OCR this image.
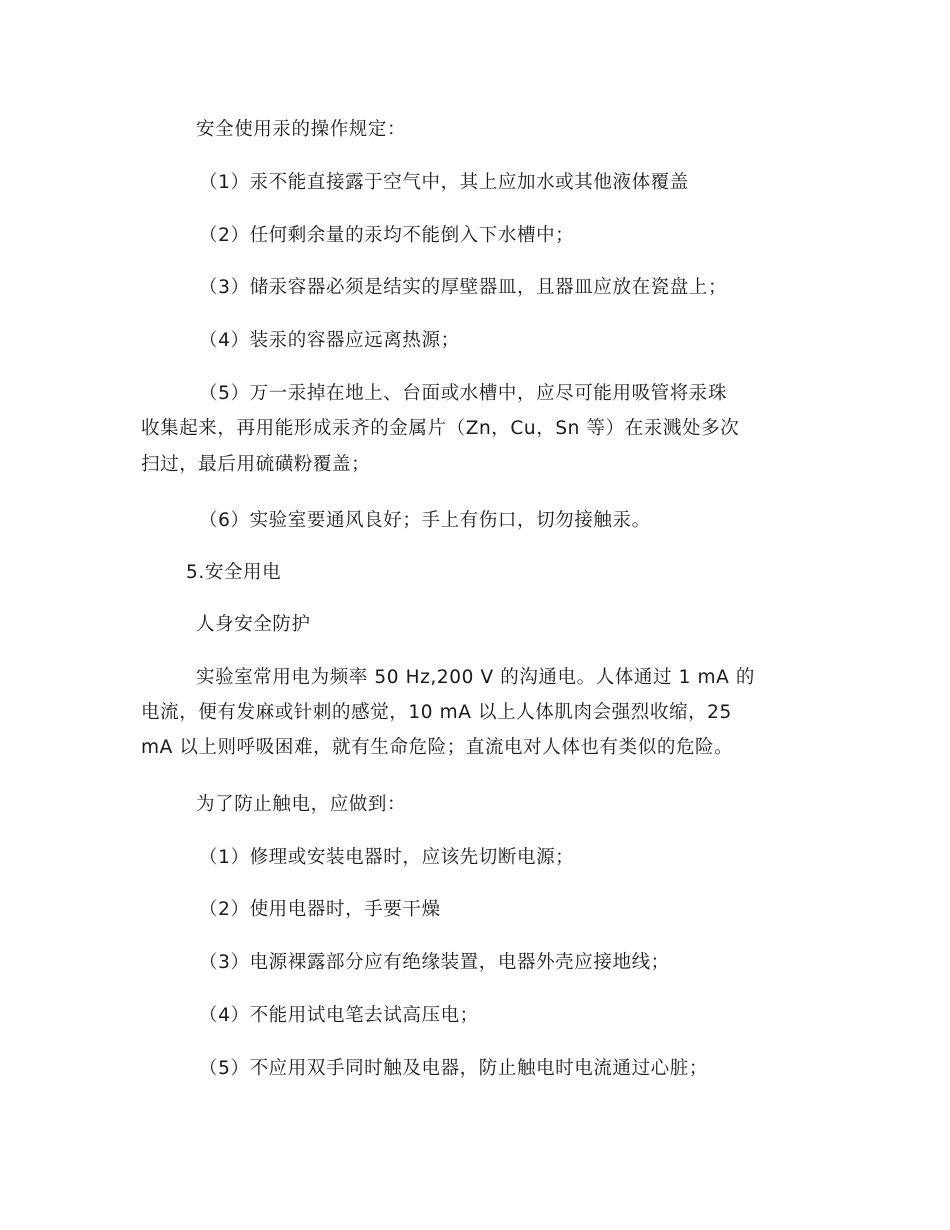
安全使用汞的操作规定：

（1）汞不能直接露于空气中，其上应加水或其他液体覆盖

（2）任何剩余量的汞均不能倒入下水槽中；

（3）储汞容器必须是结实的厚壁器皿，且器皿应放在瓷盘上；

（4）装汞的容器应远离热源；

（5）万一汞掉在地上、台面或水槽中，应尽可能用吸管将汞珠
收集起来，再用能形成汞齐的金属片（Zn，Cu，Sn 等）在汞溅处多次
扫过，最后用硫磺粉覆盖；

（6）实验室要通风良好；手上有伤口，切勿接触汞。

5.安全用电

人身安全防护

实验室常用电为频率 50 Hz,200 V 的沟通电。人体通过 1 mA 的
电流，便有发麻或针刺的感觉，10 mA 以上人体肌肉会强烈收缩，25
mA 以上则呼吸困难，就有生命危险；直流电对人体也有类似的危险。

为了防止触电，应做到：

（1）修理或安装电器时，应该先切断电源；

（2）使用电器时，手要干燥

（3）电源裸露部分应有绝缘装置，电器外壳应接地线；

（4）不能用试电笔去试高压电；

（5）不应用双手同时触及电器，防止触电时电流通过心脏；
